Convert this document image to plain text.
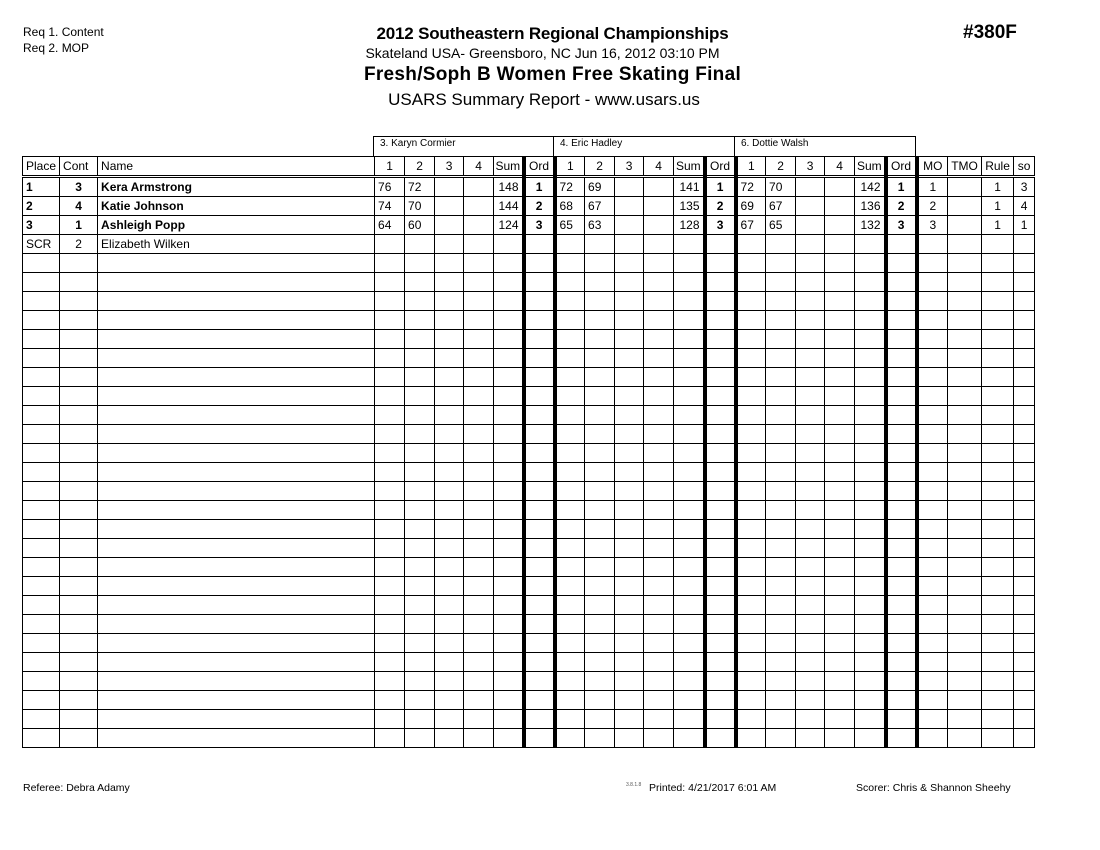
Req 1. Content
Req 2. MOP
2012 Southeastern Regional Championships
Skateland USA- Greensboro, NC Jun 16, 2012 03:10 PM
Fresh/Soph B Women Free Skating Final
USARS Summary Report - www.usars.us
#380F
3. Karyn Cormier	4. Eric Hadley	6. Dottie Walsh
Place	Cont	Name	1	2	3	4	Sum	Ord	1	2	3	4	Sum	Ord	1	2	3	4	Sum	Ord	MO	TMO	Rule	so
1	3	Kera Armstrong	76	72			148	1	72	69			141	1	72	70			142	1	1		1	3
2	4	Katie Johnson	74	70			144	2	68	67			135	2	69	67			136	2	2		1	4
3	1	Ashleigh Popp	64	60			124	3	65	63			128	3	67	65			132	3	3		1	1
SCR	2	Elizabeth Wilken																						

Referee: Debra Adamy	3.8.1.8 Printed: 4/21/2017 6:01 AM	Scorer: Chris & Shannon Sheehy
